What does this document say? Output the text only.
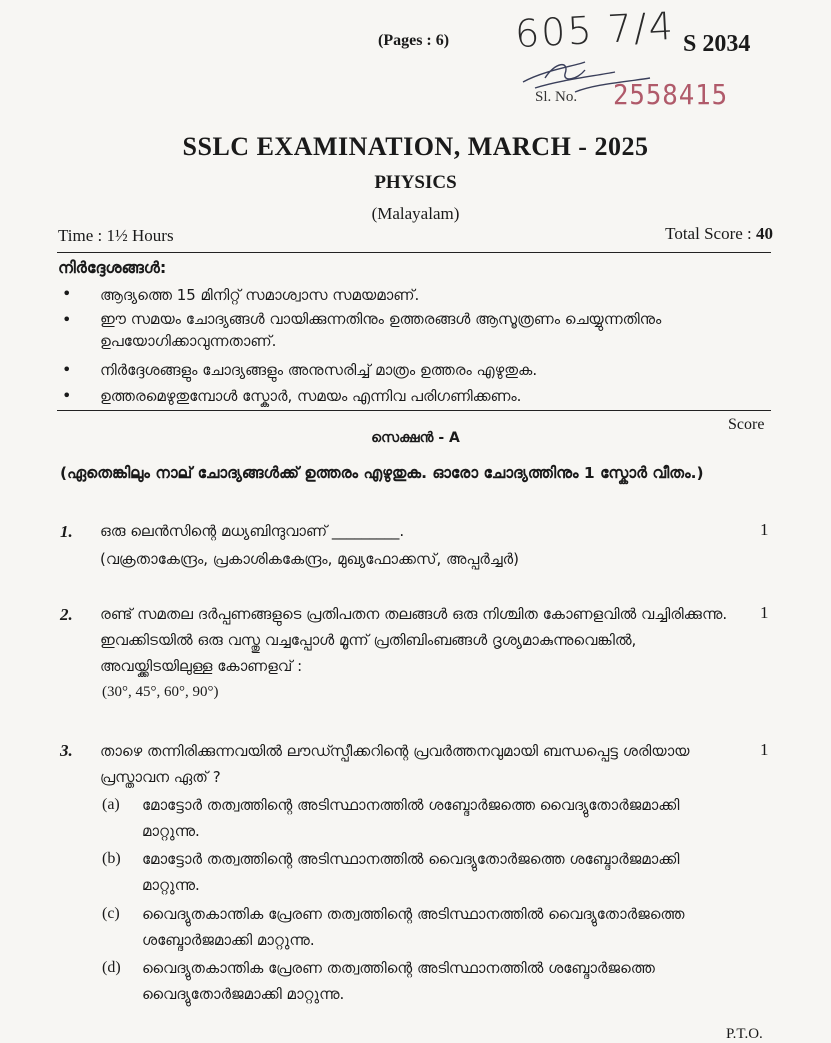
(Pages : 6) 605 7/4 S 2034
Sl. No. 2558415
SSLC EXAMINATION, MARCH - 2025
PHYSICS
(Malayalam)
Time : 1½ Hours	Total Score : 40
നിർദ്ദേശങ്ങൾ:
• ആദ്യത്തെ 15 മിനിറ്റ് സമാശ്വാസ സമയമാണ്.
• ഈ സമയം ചോദ്യങ്ങൾ വായിക്കുന്നതിനും ഉത്തരങ്ങൾ ആസൂത്രണം ചെയ്യുന്നതിനും ഉപയോഗിക്കാവുന്നതാണ്.
• നിർദ്ദേശങ്ങളും ചോദ്യങ്ങളും അനുസരിച്ച് മാത്രം ഉത്തരം എഴുതുക.
• ഉത്തരമെഴുതുമ്പോൾ സ്കോർ, സമയം എന്നിവ പരിഗണിക്കണം.
Score
സെക്ഷൻ - A
(ഏതെങ്കിലും നാല് ചോദ്യങ്ങൾക്ക് ഉത്തരം എഴുതുക. ഓരോ ചോദ്യത്തിനും 1 സ്കോർ വീതം.)
1. ഒരു ലെൻസിന്റെ മധ്യബിന്ദുവാണ് _________.
(വക്രതാകേന്ദ്രം, പ്രകാശികകേന്ദ്രം, മുഖ്യഫോക്കസ്, അപ്പർച്ചർ)
1
2. രണ്ട് സമതല ദർപ്പണങ്ങളുടെ പ്രതിപതന തലങ്ങൾ ഒരു നിശ്ചിത കോണളവിൽ വച്ചിരിക്കുന്നു. ഇവക്കിടയിൽ ഒരു വസ്തു വച്ചപ്പോൾ മൂന്ന് പ്രതിബിംബങ്ങൾ ദൃശ്യമാകുന്നുവെങ്കിൽ, അവയ്ക്കിടയിലുള്ള കോണളവ് :
(30°, 45°, 60°, 90°)
1
3. താഴെ തന്നിരിക്കുന്നവയിൽ ലൗഡ്സ്പീക്കറിന്റെ പ്രവർത്തനവുമായി ബന്ധപ്പെട്ട ശരിയായ പ്രസ്താവന ഏത് ?
1
(a) മോട്ടോർ തത്വത്തിന്റെ അടിസ്ഥാനത്തിൽ ശബ്ദോർജത്തെ വൈദ്യുതോർജമാക്കി മാറ്റുന്നു.
(b) മോട്ടോർ തത്വത്തിന്റെ അടിസ്ഥാനത്തിൽ വൈദ്യുതോർജത്തെ ശബ്ദോർജമാക്കി മാറ്റുന്നു.
(c) വൈദ്യുതകാന്തിക പ്രേരണ തത്വത്തിന്റെ അടിസ്ഥാനത്തിൽ വൈദ്യുതോർജത്തെ ശബ്ദോർജമാക്കി മാറ്റുന്നു.
(d) വൈദ്യുതകാന്തിക പ്രേരണ തത്വത്തിന്റെ അടിസ്ഥാനത്തിൽ ശബ്ദോർജത്തെ വൈദ്യുതോർജമാക്കി മാറ്റുന്നു.
P.T.O.
